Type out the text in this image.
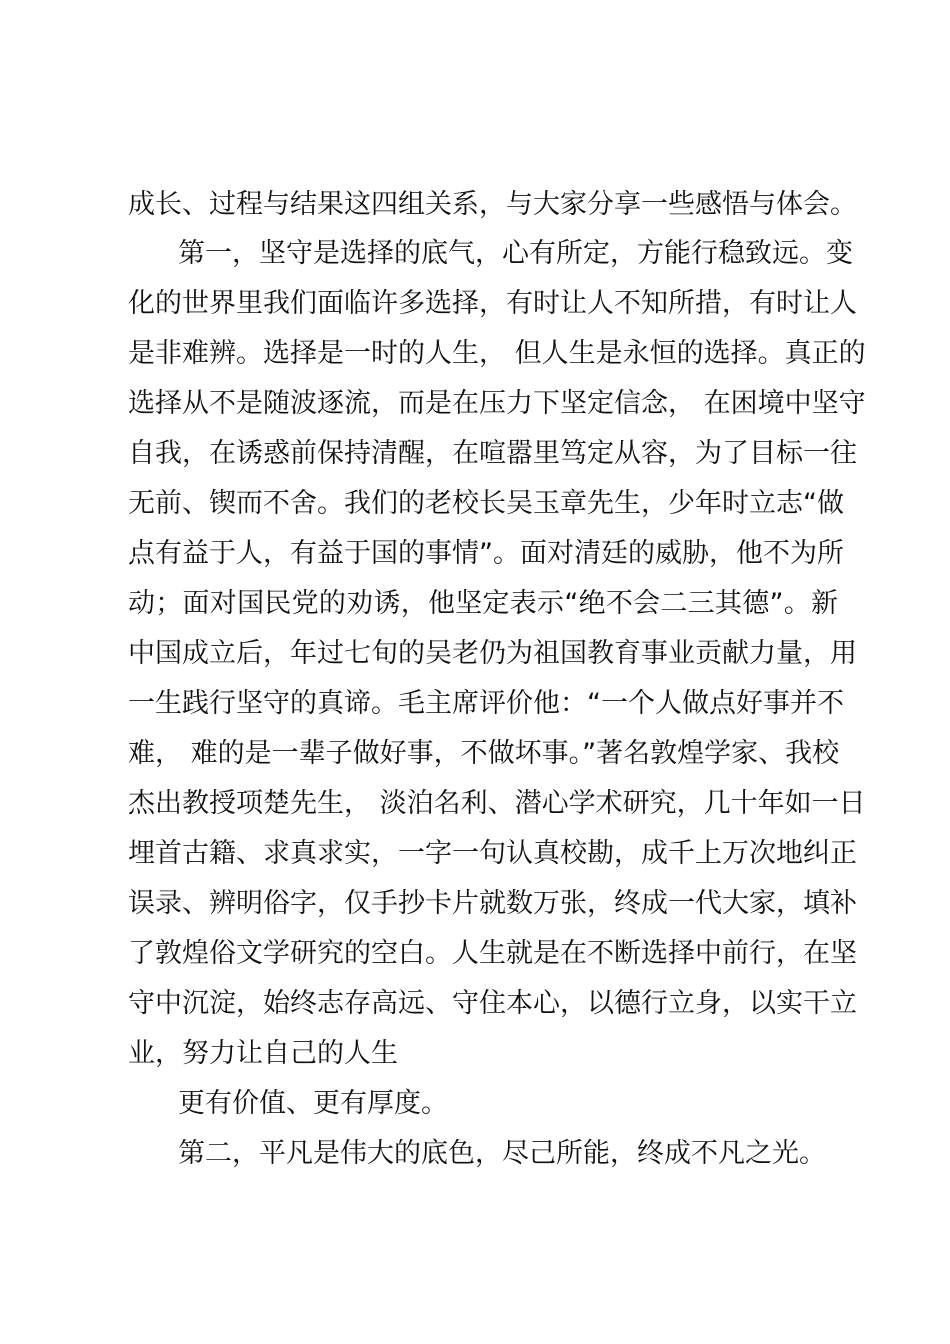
成长、过程与结果这四组关系，与大家分享一些感悟与体会。
第一，坚守是选择的底气，心有所定，方能行稳致远。变
化的世界里我们面临许多选择，有时让人不知所措，有时让人
是非难辨。选择是一时的人生， 但人生是永恒的选择。真正的
选择从不是随波逐流，而是在压力下坚定信念， 在困境中坚守
自我，在诱惑前保持清醒，在喧嚣里笃定从容，为了目标一往
无前、锲而不舍。我们的老校长吴玉章先生，少年时立志“做
点有益于人，有益于国的事情”。面对清廷的威胁，他不为所
动；面对国民党的劝诱，他坚定表示“绝不会二三其德”。新
中国成立后，年过七旬的吴老仍为祖国教育事业贡献力量，用
一生践行坚守的真谛。毛主席评价他：“一个人做点好事并不
难， 难的是一辈子做好事，不做坏事。”著名敦煌学家、我校
杰出教授项楚先生， 淡泊名利、潜心学术研究，几十年如一日
埋首古籍、求真求实，一字一句认真校勘，成千上万次地纠正
误录、辨明俗字，仅手抄卡片就数万张，终成一代大家，填补
了敦煌俗文学研究的空白。人生就是在不断选择中前行，在坚
守中沉淀，始终志存高远、守住本心，以德行立身，以实干立
业，努力让自己的人生
更有价值、更有厚度。
第二，平凡是伟大的底色，尽己所能，终成不凡之光。
